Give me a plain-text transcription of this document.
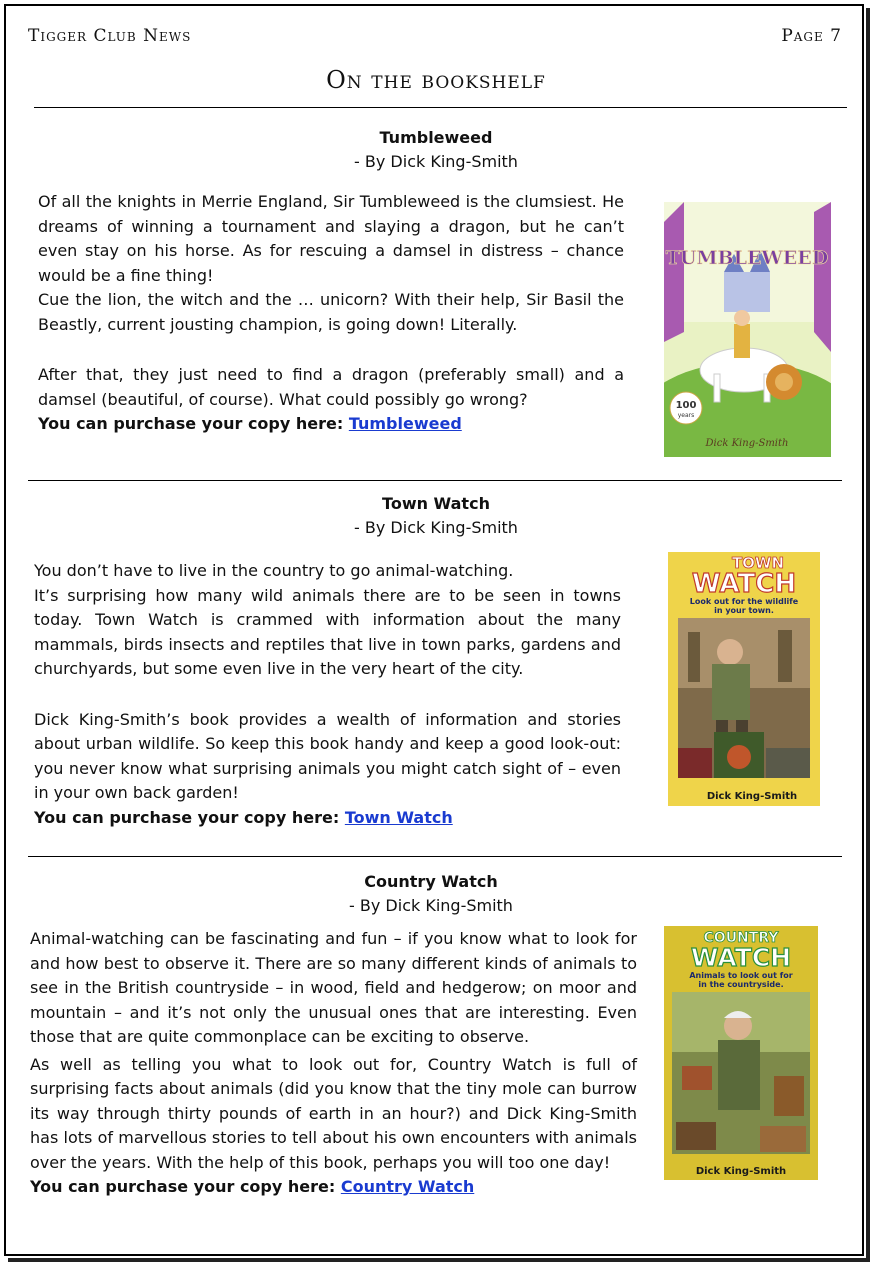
Tigger Club News	Page 7
On the bookshelf
Tumbleweed
- By Dick King-Smith

Of all the knights in Merrie England, Sir Tumbleweed is the clumsiest. He dreams of winning a tournament and slaying a dragon, but he can’t even stay on his horse. As for rescuing a damsel in distress – chance would be a fine thing!

Cue the lion, the witch and the … unicorn? With their help, Sir Basil the Beastly, current jousting champion, is going down! Literally.

After that, they just need to find a dragon (preferably small) and a damsel (beautiful, of course). What could possibly go wrong?

You can purchase your copy here: Tumbleweed
TUMBLEWEED
100
years
Dick King-Smith
Town Watch
- By Dick King-Smith

You don’t have to live in the country to go animal-watching.

It’s surprising how many wild animals there are to be seen in towns today. Town Watch is crammed with information about the many mammals, birds insects and reptiles that live in town parks, gardens and churchyards, but some even live in the very heart of the city.

Dick King-Smith’s book provides a wealth of information and stories about urban wildlife. So keep this book handy and keep a good look-out: you never know what surprising animals you might catch sight of – even in your own back garden!

You can purchase your copy here: Town Watch
TOWN
WATCH
Look out for the wildlife
in your town.
Dick King-Smith
Country Watch
- By Dick King-Smith

Animal-watching can be fascinating and fun – if you know what to look for and how best to observe it. There are so many different kinds of animals to see in the British countryside – in wood, field and hedgerow; on moor and mountain – and it’s not only the unusual ones that are interesting. Even those that are quite commonplace can be exciting to observe.

As well as telling you what to look out for, Country Watch is full of surprising facts about animals (did you know that the tiny mole can burrow its way through thirty pounds of earth in an hour?) and Dick King-Smith has lots of marvellous stories to tell about his own encounters with animals over the years. With the help of this book, perhaps you will too one day!

You can purchase your copy here: Country Watch
COUNTRY
WATCH
Animals to look out for
in the countryside.
Dick King-Smith
